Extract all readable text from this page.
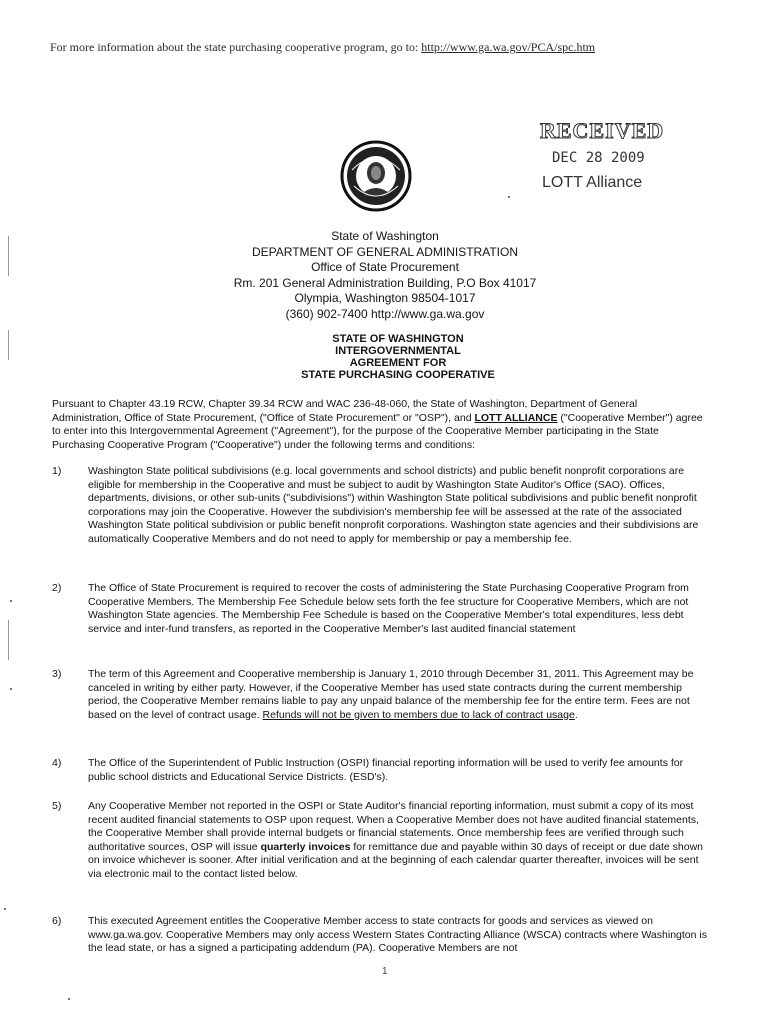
For more information about the state purchasing cooperative program, go to: http://www.ga.wa.gov/PCA/spc.htm
RECEIVED
DEC 28 2009
LOTT Alliance
State of Washington
DEPARTMENT OF GENERAL ADMINISTRATION
Office of State Procurement
Rm. 201 General Administration Building, P.O Box 41017
Olympia, Washington 98504-1017
(360) 902-7400 http://www.ga.wa.gov
STATE OF WASHINGTON
INTERGOVERNMENTAL
AGREEMENT FOR
STATE PURCHASING COOPERATIVE
Pursuant to Chapter 43.19 RCW, Chapter 39.34 RCW and WAC 236-48-060, the State of Washington, Department of General Administration, Office of State Procurement, ("Office of State Procurement" or "OSP"), and LOTT ALLIANCE ("Cooperative Member") agree to enter into this Intergovernmental Agreement ("Agreement"), for the purpose of the Cooperative Member participating in the State Purchasing Cooperative Program ("Cooperative") under the following terms and conditions:
1)	Washington State political subdivisions (e.g. local governments and school districts) and public benefit nonprofit corporations are eligible for membership in the Cooperative and must be subject to audit by Washington State Auditor's Office (SAO). Offices, departments, divisions, or other sub-units ("subdivisions") within Washington State political subdivisions and public benefit nonprofit corporations may join the Cooperative. However the subdivision's membership fee will be assessed at the rate of the associated Washington State political subdivision or public benefit nonprofit corporations. Washington state agencies and their subdivisions are automatically Cooperative Members and do not need to apply for membership or pay a membership fee.
2)	The Office of State Procurement is required to recover the costs of administering the State Purchasing Cooperative Program from Cooperative Members. The Membership Fee Schedule below sets forth the fee structure for Cooperative Members, which are not Washington State agencies. The Membership Fee Schedule is based on the Cooperative Member's total expenditures, less debt service and inter-fund transfers, as reported in the Cooperative Member's last audited financial statement
3)	The term of this Agreement and Cooperative membership is January 1, 2010 through December 31, 2011. This Agreement may be canceled in writing by either party. However, if the Cooperative Member has used state contracts during the current membership period, the Cooperative Member remains liable to pay any unpaid balance of the membership fee for the entire term. Fees are not based on the level of contract usage. Refunds will not be given to members due to lack of contract usage.
4)	The Office of the Superintendent of Public Instruction (OSPI) financial reporting information will be used to verify fee amounts for public school districts and Educational Service Districts. (ESD's).
5)	Any Cooperative Member not reported in the OSPI or State Auditor's financial reporting information, must submit a copy of its most recent audited financial statements to OSP upon request. When a Cooperative Member does not have audited financial statements, the Cooperative Member shall provide internal budgets or financial statements. Once membership fees are verified through such authoritative sources, OSP will issue quarterly invoices for remittance due and payable within 30 days of receipt or due date shown on invoice whichever is sooner. After initial verification and at the beginning of each calendar quarter thereafter, invoices will be sent via electronic mail to the contact listed below.
6)	This executed Agreement entitles the Cooperative Member access to state contracts for goods and services as viewed on www.ga.wa.gov. Cooperative Members may only access Western States Contracting Alliance (WSCA) contracts where Washington is the lead state, or has a signed a participating addendum (PA). Cooperative Members are not
1
